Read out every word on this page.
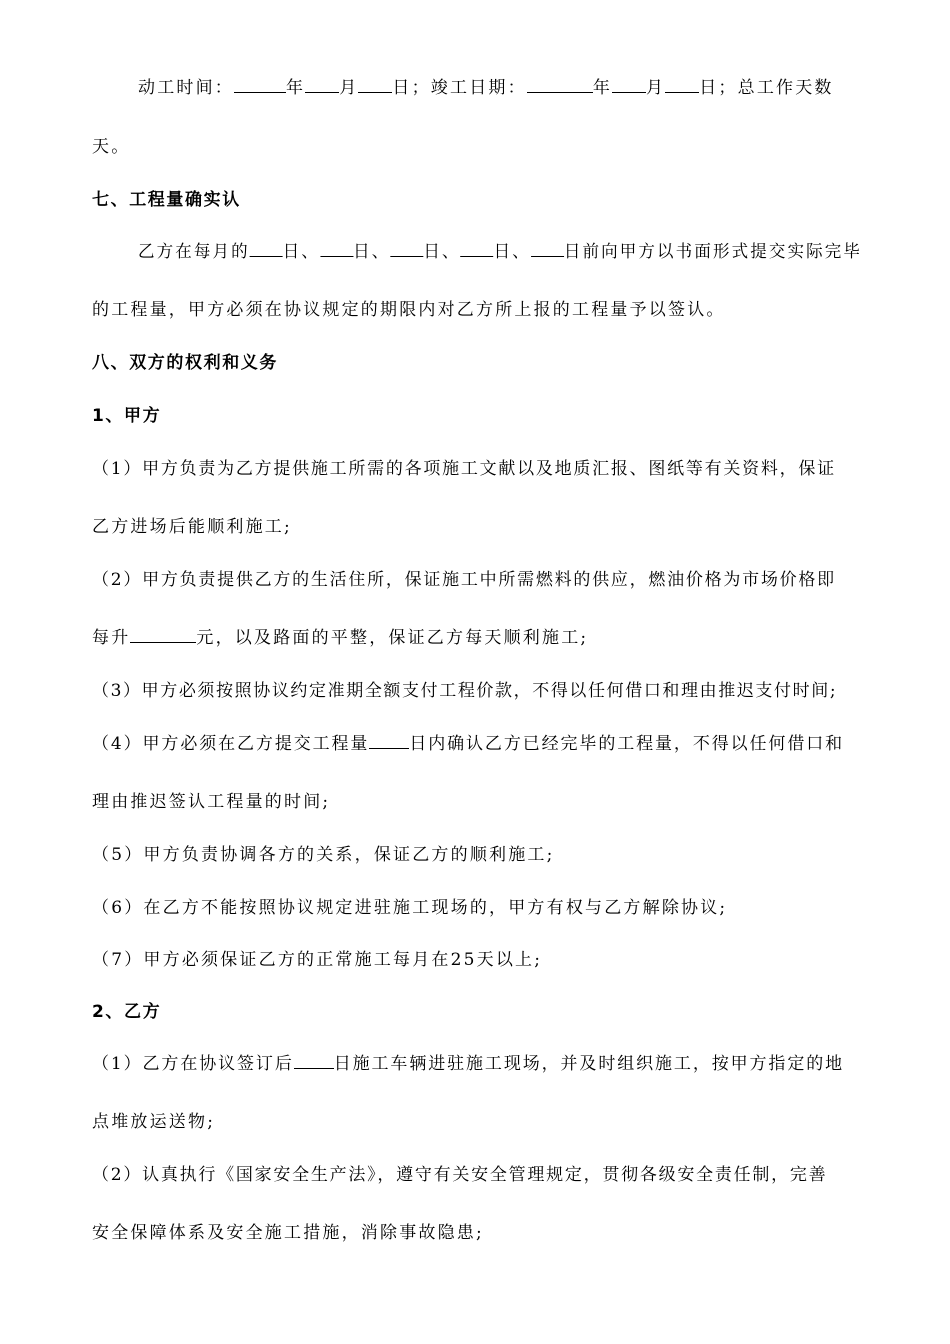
动工时间：	年 月 日；竣工日期：	年 月 日；总工作天数
天。
七、工程量确实认
乙方在每月的 日、 日、 日、 日、 日前向甲方以书面形式提交实际完毕
的工程量，甲方必须在协议规定的期限内对乙方所上报的工程量予以签认。
八、双方的权利和义务
1、甲方
（1）甲方负责为乙方提供施工所需的各项施工文献以及地质汇报、图纸等有关资料，保证
乙方进场后能顺利施工;
（2）甲方负责提供乙方的生活住所，保证施工中所需燃料的供应，燃油价格为市场价格即
每升	元，以及路面的平整，保证乙方每天顺利施工;
（3）甲方必须按照协议约定准期全额支付工程价款，不得以任何借口和理由推迟支付时间;
（4）甲方必须在乙方提交工程量 日内确认乙方已经完毕的工程量，不得以任何借口和
理由推迟签认工程量的时间;
（5）甲方负责协调各方的关系，保证乙方的顺利施工;
（6）在乙方不能按照协议规定进驻施工现场的，甲方有权与乙方解除协议;
（7）甲方必须保证乙方的正常施工每月在25天以上;
2、乙方
（1）乙方在协议签订后 日施工车辆进驻施工现场，并及时组织施工，按甲方指定的地
点堆放运送物;
（2）认真执行《国家安全生产法》，遵守有关安全管理规定，贯彻各级安全责任制，完善
安全保障体系及安全施工措施，消除事故隐患;
